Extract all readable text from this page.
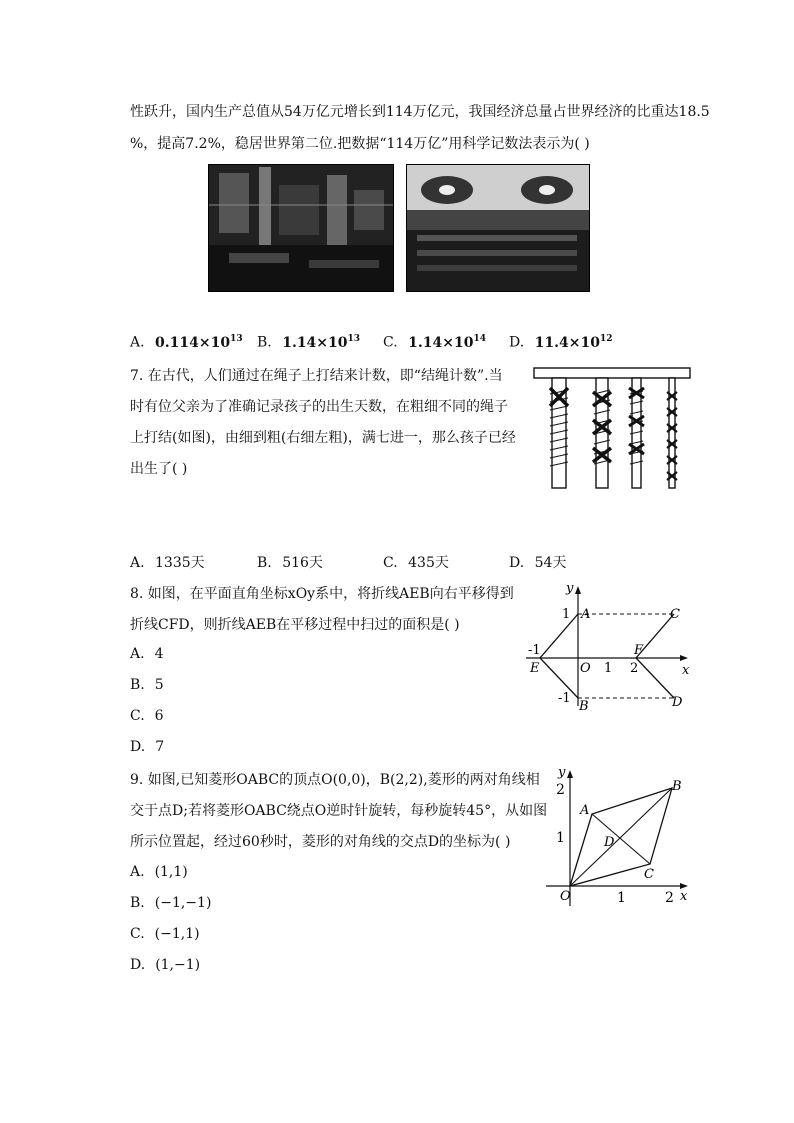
性跃升，国内生产总值从54万亿元增长到114万亿元，我国经济总量占世界经济的比重达18.5
%，提高7.2%，稳居世界第二位.把数据“114万亿”用科学记数法表示为( )
A. $0.114\times 10^{13}$ B. $1.14\times 10^{13}$ C. $1.14\times 10^{14}$ D. $11.4\times 10^{12}$
7. 在古代，人们通过在绳子上打结来计数，即“结绳计数”.当
时有位父亲为了准确记录孩子的出生天数，在粗细不同的绳子
上打结(如图)，由细到粗(右细左粗)，满七进一，那么孩子已经
出生了( )
A. 1335天	B. 516天	C. 435天	D. 54天
8. 如图，在平面直角坐标xOy系中，将折线AEB向右平移得到
折线CFD，则折线AEB在平移过程中扫过的面积是( )
A. 4
B. 5
C. 6
D. 7
y
x
1 A
-1
E	O 1 2
F
-1
B
C
D
9. 如图,已知菱形OABC的顶点O(0,0)，B(2,2),菱形的两对角线相
交于点D;若将菱形OABC绕点O逆时针旋转，每秒旋转45°，从如图
所示位置起，经过60秒时，菱形的对角线的交点D的坐标为( )
A. (1,1)
B. (−1,−1)
C. (−1,1)
D. (1,−1)
y
x
2
1
O	1	2
A
B
C
D
